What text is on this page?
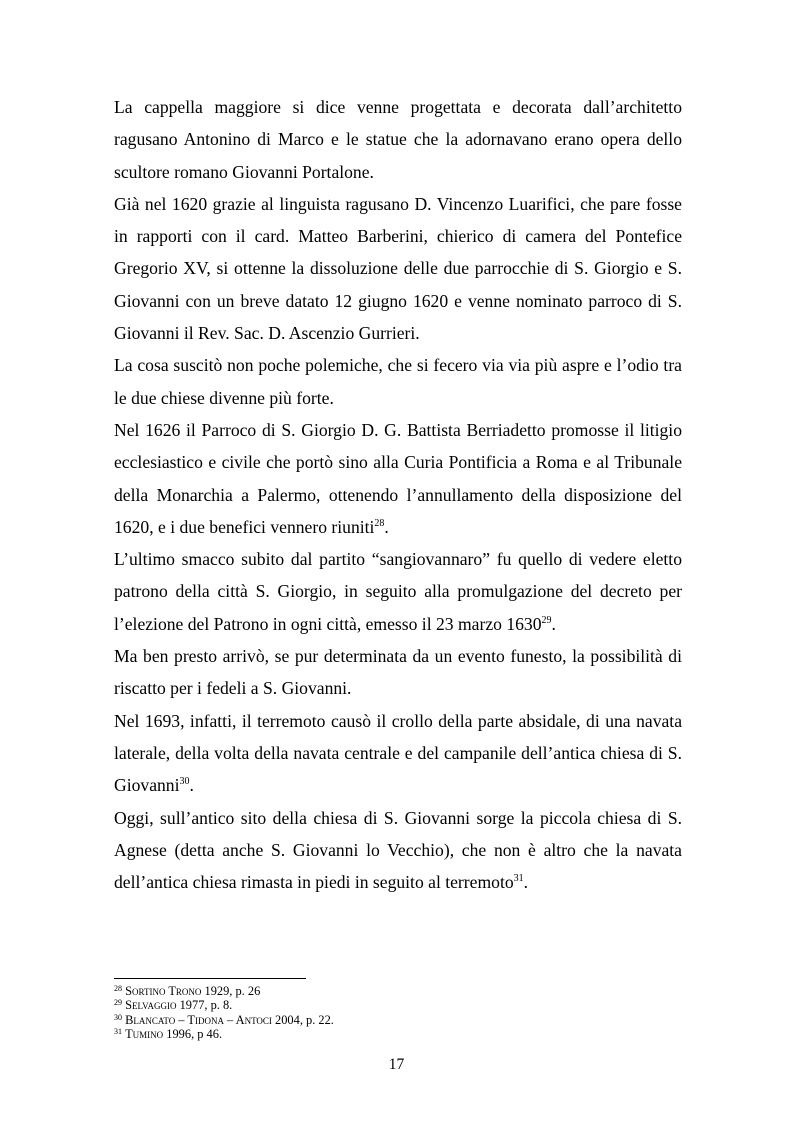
La cappella maggiore si dice venne progettata e decorata dall’architetto ragusano Antonino di Marco e le statue che la adornavano erano opera dello scultore romano Giovanni Portalone.

Già nel 1620 grazie al linguista ragusano D. Vincenzo Luarifici, che pare fosse in rapporti con il card. Matteo Barberini, chierico di camera del Pontefice Gregorio XV, si ottenne la dissoluzione delle due parrocchie di S. Giorgio e S. Giovanni con un breve datato 12 giugno 1620 e venne nominato parroco di S. Giovanni il Rev. Sac. D. Ascenzio Gurrieri.

La cosa suscitò non poche polemiche, che si fecero via via più aspre e l’odio tra le due chiese divenne più forte.

Nel 1626 il Parroco di S. Giorgio D. G. Battista Berriadetto promosse il litigio ecclesiastico e civile che portò sino alla Curia Pontificia a Roma e al Tribunale della Monarchia a Palermo, ottenendo l’annullamento della disposizione del 1620, e i due benefici vennero riuniti$^{28}$.

L’ultimo smacco subito dal partito “sangiovannaro” fu quello di vedere eletto patrono della città S. Giorgio, in seguito alla promulgazione del decreto per l’elezione del Patrono in ogni città, emesso il 23 marzo 1630$^{29}$.

Ma ben presto arrivò, se pur determinata da un evento funesto, la possibilità di riscatto per i fedeli a S. Giovanni.

Nel 1693, infatti, il terremoto causò il crollo della parte absidale, di una navata laterale, della volta della navata centrale e del campanile dell’antica chiesa di S. Giovanni$^{30}$.

Oggi, sull’antico sito della chiesa di S. Giovanni sorge la piccola chiesa di S. Agnese (detta anche S. Giovanni lo Vecchio), che non è altro che la navata dell’antica chiesa rimasta in piedi in seguito al terremoto$^{31}$.

$^{28}$ Sortino Trono 1929, p. 26
$^{29}$ Selvaggio 1977, p. 8.
$^{30}$ Blancato – Tidona – Antoci 2004, p. 22.
$^{31}$ Tumino 1996, p 46.
17
